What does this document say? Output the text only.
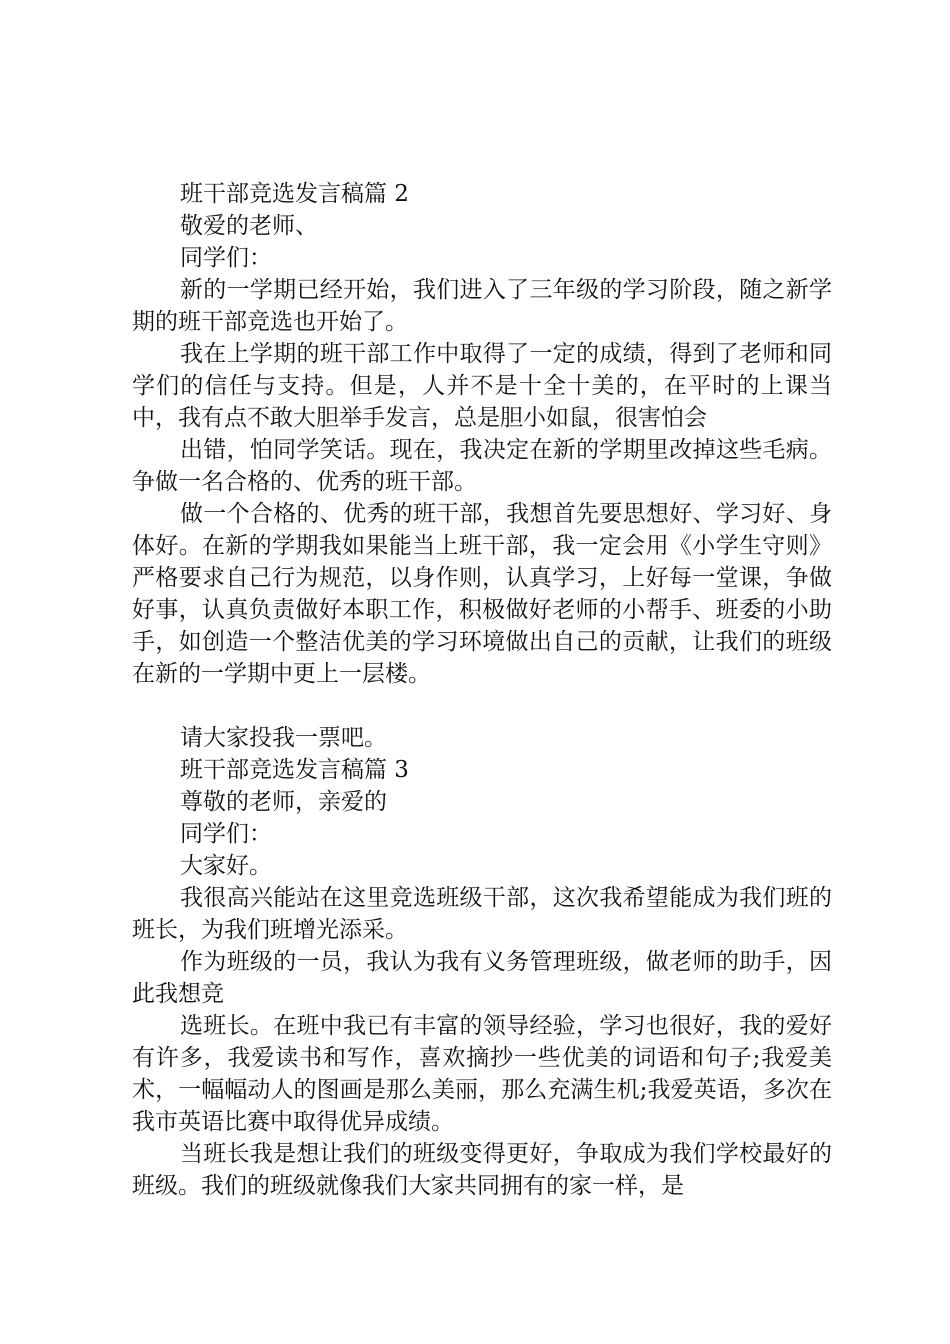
班干部竞选发言稿篇 2

敬爱的老师、

同学们：

新的一学期已经开始，我们进入了三年级的学习阶段，随之新学期的班干部竞选也开始了。

我在上学期的班干部工作中取得了一定的成绩，得到了老师和同学们的信任与支持。但是，人并不是十全十美的，在平时的上课当中，我有点不敢大胆举手发言，总是胆小如鼠，很害怕会

出错，怕同学笑话。现在，我决定在新的学期里改掉这些毛病。争做一名合格的、优秀的班干部。

做一个合格的、优秀的班干部，我想首先要思想好、学习好、身体好。在新的学期我如果能当上班干部，我一定会用《小学生守则》严格要求自己行为规范，以身作则，认真学习，上好每一堂课，争做好事，认真负责做好本职工作，积极做好老师的小帮手、班委的小助手，如创造一个整洁优美的学习环境做出自己的贡献，让我们的班级在新的一学期中更上一层楼。

请大家投我一票吧。

班干部竞选发言稿篇 3

尊敬的老师，亲爱的

同学们：

大家好。

我很高兴能站在这里竞选班级干部，这次我希望能成为我们班的班长，为我们班增光添采。

作为班级的一员，我认为我有义务管理班级，做老师的助手，因此我想竞

选班长。在班中我已有丰富的领导经验，学习也很好，我的爱好有许多，我爱读书和写作，喜欢摘抄一些优美的词语和句子;我爱美术，一幅幅动人的图画是那么美丽，那么充满生机;我爱英语，多次在我市英语比赛中取得优异成绩。

当班长我是想让我们的班级变得更好，争取成为我们学校最好的班级。我们的班级就像我们大家共同拥有的家一样，是
